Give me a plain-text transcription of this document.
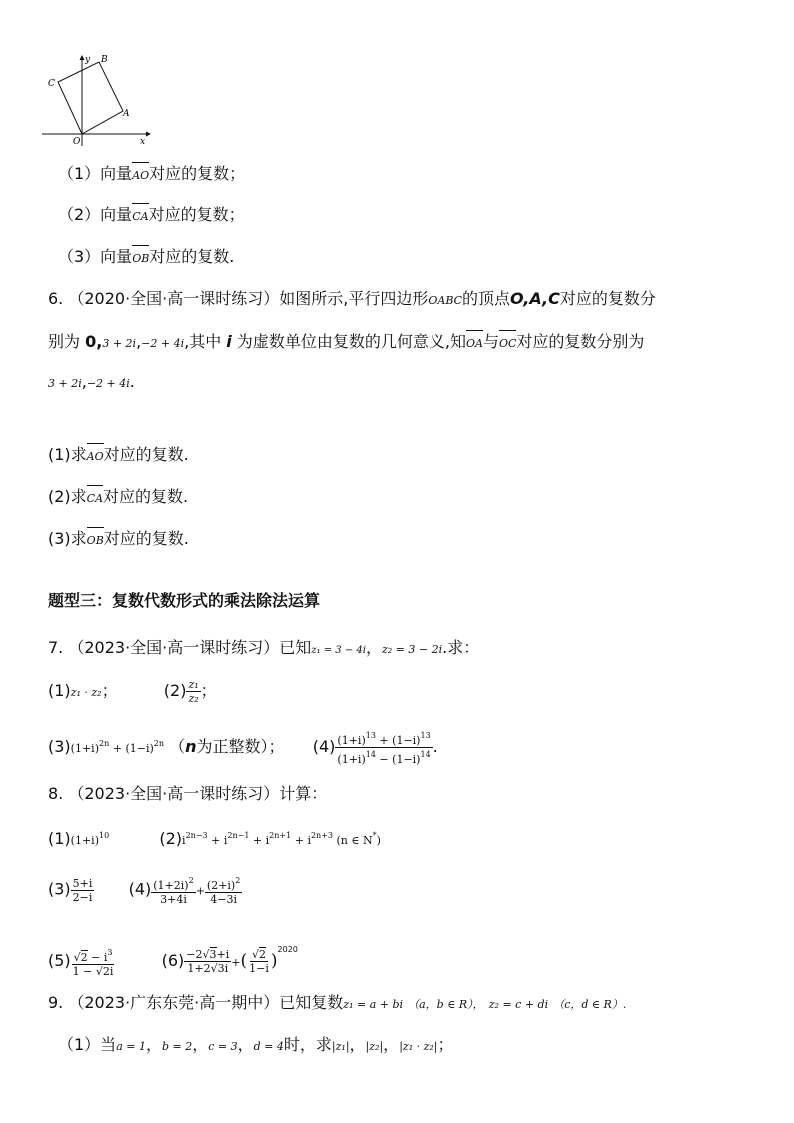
y B
C
A
O	x
（1）向量AO对应的复数；
（2）向量CA对应的复数；
（3）向量OB对应的复数.
6. （2020·全国·高一课时练习）如图所示,平行四边形OABC的顶点O,A,C对应的复数分
别为 0,3 + 2i,−2 + 4i,其中 i 为虚数单位由复数的几何意义,知OA与OC对应的复数分别为
3 + 2i,−2 + 4i.
(1)求AO对应的复数.
(2)求CA对应的复数.
(3)求OB对应的复数.
题型三：复数代数形式的乘法除法运算
7. （2023·全国·高一课时练习）已知z₁ = 3 − 4i，z₂ = 3 − 2i.求：
(1)z₁ · z₂；	$(2) \frac{\text{z₁}}{\text{z₂}}$ ；
$(3)(1+i)^{2n} + (1-i)^{2n}$ （n为正整数）； $(4) \frac{(1+i)^{13} + (1-i)^{13}}{(1+i)^{14} - (1-i)^{14}}$ .
8. （2023·全国·高一课时练习）计算：
$(1)(1+i)^{10}$	$(2)i^{2n-3} + i^{2n-1} + i^{2n+1} + i^{2n+3}$ (n ∈ N*)
$(3) \frac{5+i}{2-i} (4) \frac{(1+2i)^2}{3+4i} + \frac{(2+i)^2}{4-3i}$
$(5) \frac{√2 - i^3}{1 - √2i}$	$(6) \frac{-2√3+i}{1+2√3i}$ +( $\frac{√2}{1-i} )^{2020}$
9. （2023·广东东莞·高一期中）已知复数z₁ = a + bi （a，b ∈ R）， z₂ = c + di （c，d ∈ R）.
（1）当a = 1，b = 2，c = 3，d = 4时，求|z₁|，|z₂|，|z₁ · z₂|；
